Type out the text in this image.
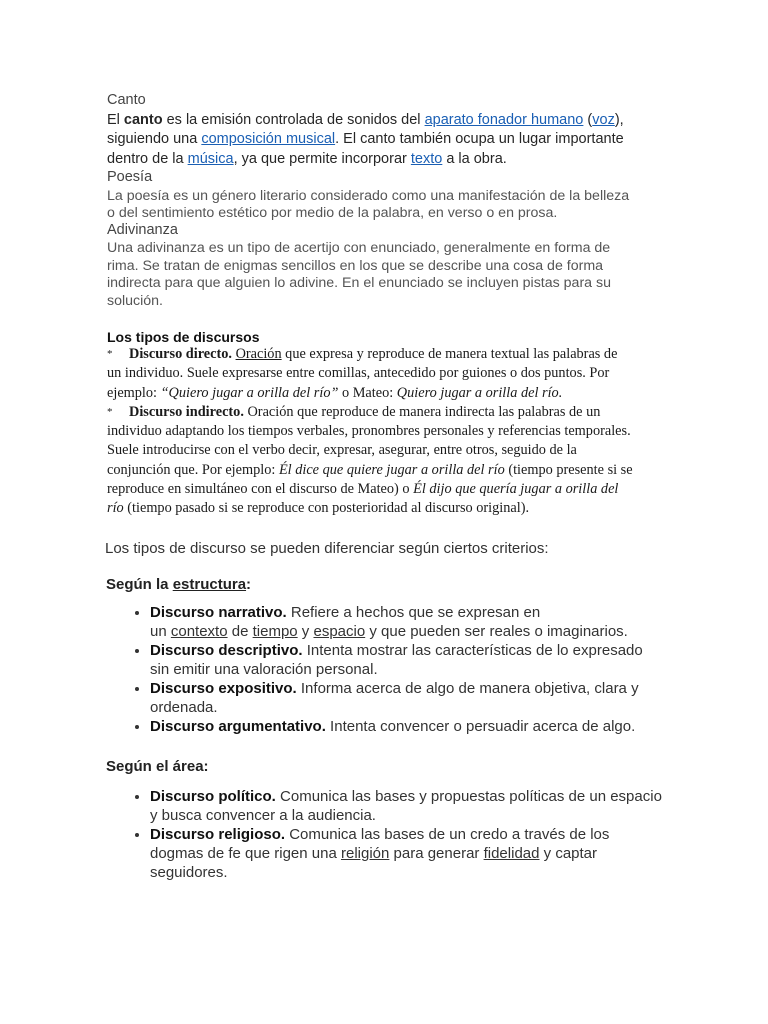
Canto
El canto es la emisión controlada de sonidos del aparato fonador humano (voz),
siguiendo una composición musical. El canto también ocupa un lugar importante
dentro de la música, ya que permite incorporar texto a la obra.
Poesía
La poesía es un género literario considerado como una manifestación de la belleza
o del sentimiento estético por medio de la palabra, en verso o en prosa.
Adivinanza
Una adivinanza es un tipo de acertijo con enunciado, generalmente en forma de
rima. Se tratan de enigmas sencillos en los que se describe una cosa de forma
indirecta para que alguien lo adivine. En el enunciado se incluyen pistas para su
solución.
Los tipos de discursos
* Discurso directo. Oración que expresa y reproduce de manera textual las palabras de
un individuo. Suele expresarse entre comillas, antecedido por guiones o dos puntos. Por
ejemplo: “Quiero jugar a orilla del río” o Mateo: Quiero jugar a orilla del río.
* Discurso indirecto. Oración que reproduce de manera indirecta las palabras de un
individuo adaptando los tiempos verbales, pronombres personales y referencias temporales.
Suele introducirse con el verbo decir, expresar, asegurar, entre otros, seguido de la
conjunción que. Por ejemplo: Él dice que quiere jugar a orilla del río (tiempo presente si se
reproduce en simultáneo con el discurso de Mateo) o Él dijo que quería jugar a orilla del
río (tiempo pasado si se reproduce con posterioridad al discurso original).
Los tipos de discurso se pueden diferenciar según ciertos criterios:
Según la estructura:
• Discurso narrativo. Refiere a hechos que se expresan en
un contexto de tiempo y espacio y que pueden ser reales o imaginarios.
• Discurso descriptivo. Intenta mostrar las características de lo expresado
sin emitir una valoración personal.
• Discurso expositivo. Informa acerca de algo de manera objetiva, clara y
ordenada.
• Discurso argumentativo. Intenta convencer o persuadir acerca de algo.
Según el área:
• Discurso político. Comunica las bases y propuestas políticas de un espacio
y busca convencer a la audiencia.
• Discurso religioso. Comunica las bases de un credo a través de los
dogmas de fe que rigen una religión para generar fidelidad y captar
seguidores.
